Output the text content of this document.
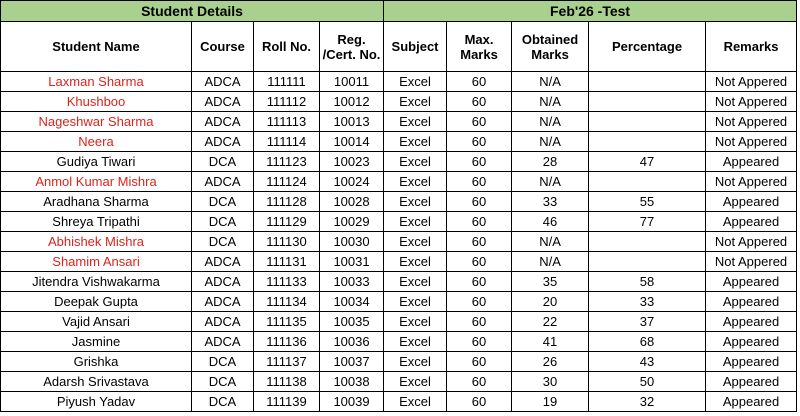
Student Details				Feb'26 -Test				
Student Name	Course	Roll No.	Reg. /Cert. No.	Subject	Max. Marks	Obtained Marks	Percentage	Remarks
Laxman Sharma	ADCA	111111	10011	Excel	60	N/A		Not Appered
Khushboo	ADCA	111112	10012	Excel	60	N/A		Not Appered
Nageshwar Sharma	ADCA	111113	10013	Excel	60	N/A		Not Appered
Neera	ADCA	111114	10014	Excel	60	N/A		Not Appered
Gudiya Tiwari	DCA	111123	10023	Excel	60	28	47	Appeared
Anmol Kumar Mishra	ADCA	111124	10024	Excel	60	N/A		Not Appered
Aradhana Sharma	DCA	111128	10028	Excel	60	33	55	Appeared
Shreya Tripathi	DCA	111129	10029	Excel	60	46	77	Appeared
Abhishek Mishra	DCA	111130	10030	Excel	60	N/A		Not Appered
Shamim Ansari	ADCA	111131	10031	Excel	60	N/A		Not Appered
Jitendra Vishwakarma	ADCA	111133	10033	Excel	60	35	58	Appeared
Deepak Gupta	ADCA	111134	10034	Excel	60	20	33	Appeared
Vajid Ansari	ADCA	111135	10035	Excel	60	22	37	Appeared
Jasmine	ADCA	111136	10036	Excel	60	41	68	Appeared
Grishka	DCA	111137	10037	Excel	60	26	43	Appeared
Adarsh Srivastava	DCA	111138	10038	Excel	60	30	50	Appeared
Piyush Yadav	DCA	111139	10039	Excel	60	19	32	Appeared
